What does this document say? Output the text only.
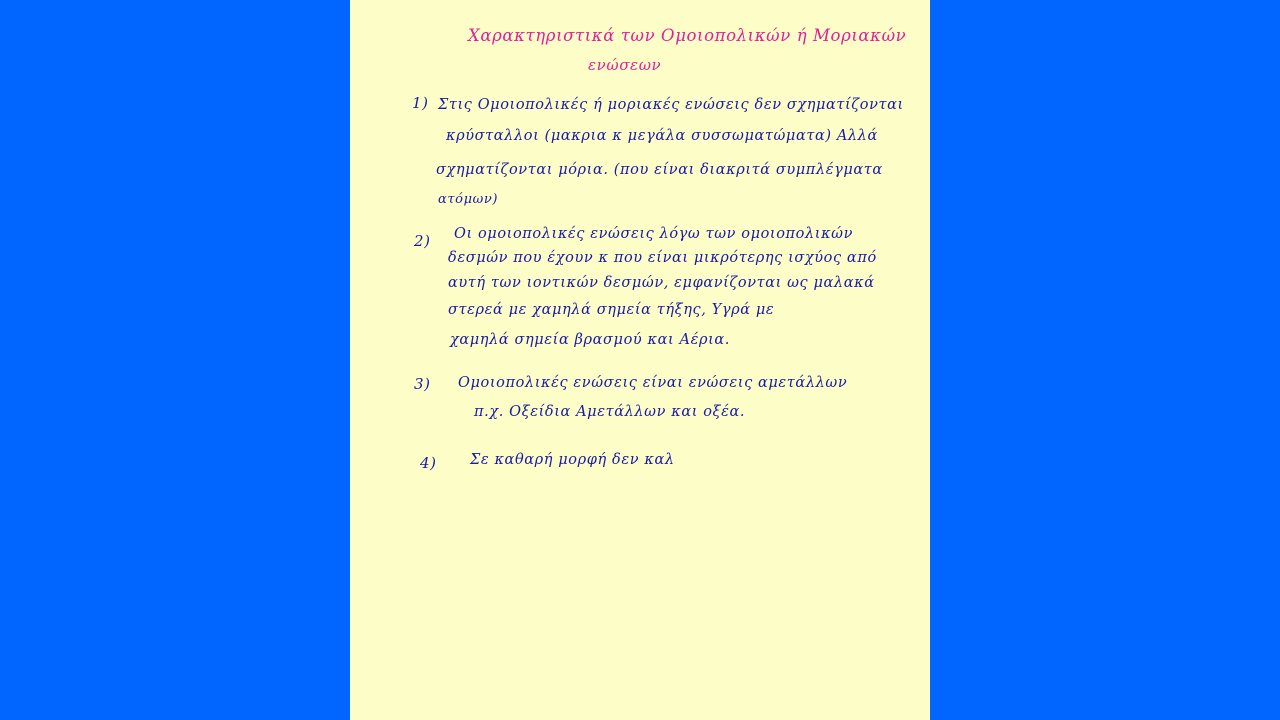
Χαρακτηριστικά των Ομοιοπολικών ή Μοριακών
ενώσεων
1) Στις Ομοιοπολικές ή μοριακές ενώσεις δεν σχηματίζονται
κρύσταλλοι (μακρια κ μεγάλα συσσωματώματα) Αλλά
σχηματίζονται μόρια. (που είναι διακριτά συμπλέγματα
ατόμων)
2) Οι ομοιοπολικές ενώσεις λόγω των ομοιοπολικών
δεσμών που έχουν κ που είναι μικρότερης ισχύος από
αυτή των ιοντικών δεσμών, εμφανίζονται ως μαλακά
στερεά με χαμηλά σημεία τήξης, Υγρά με
χαμηλά σημεία βρασμού και Αέρια.
3) Ομοιοπολικές ενώσεις είναι ενώσεις αμετάλλων
π.χ. Οξείδια Αμετάλλων και οξέα.
4) Σε καθαρή μορφή δεν καλ
